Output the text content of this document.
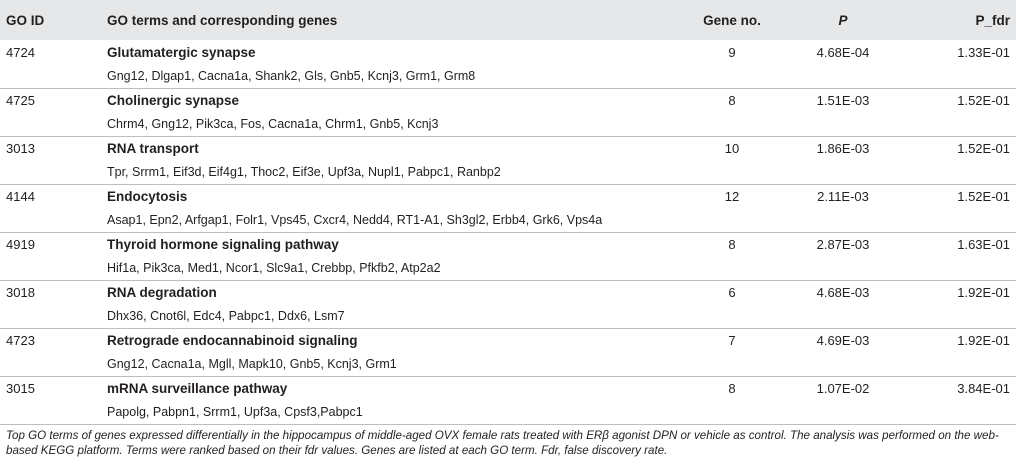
GO ID	GO terms and corresponding genes	Gene no.	P	P_fdr
4724	Glutamatergic synapse	9	4.68E-04	1.33E-01
	Gng12, Dlgap1, Cacna1a, Shank2, Gls, Gnb5, Kcnj3, Grm1, Grm8			
4725	Cholinergic synapse	8	1.51E-03	1.52E-01
	Chrm4, Gng12, Pik3ca, Fos, Cacna1a, Chrm1, Gnb5, Kcnj3			
3013	RNA transport	10	1.86E-03	1.52E-01
	Tpr, Srrm1, Eif3d, Eif4g1, Thoc2, Eif3e, Upf3a, Nupl1, Pabpc1, Ranbp2			
4144	Endocytosis	12	2.11E-03	1.52E-01
	Asap1, Epn2, Arfgap1, Folr1, Vps45, Cxcr4, Nedd4, RT1-A1, Sh3gl2, Erbb4, Grk6, Vps4a			
4919	Thyroid hormone signaling pathway	8	2.87E-03	1.63E-01
	Hif1a, Pik3ca, Med1, Ncor1, Slc9a1, Crebbp, Pfkfb2, Atp2a2			
3018	RNA degradation	6	4.68E-03	1.92E-01
	Dhx36, Cnot6l, Edc4, Pabpc1, Ddx6, Lsm7			
4723	Retrograde endocannabinoid signaling	7	4.69E-03	1.92E-01
	Gng12, Cacna1a, Mgll, Mapk10, Gnb5, Kcnj3, Grm1			
3015	mRNA surveillance pathway	8	1.07E-02	3.84E-01
	Papolg, Pabpn1, Srrm1, Upf3a, Cpsf3,Pabpc1			
Top GO terms of genes expressed differentially in the hippocampus of middle-aged OVX female rats treated with ERβ agonist DPN or vehicle as control. The analysis was performed on the web-based KEGG platform. Terms were ranked based on their fdr values. Genes are listed at each GO term. Fdr, false discovery rate.
